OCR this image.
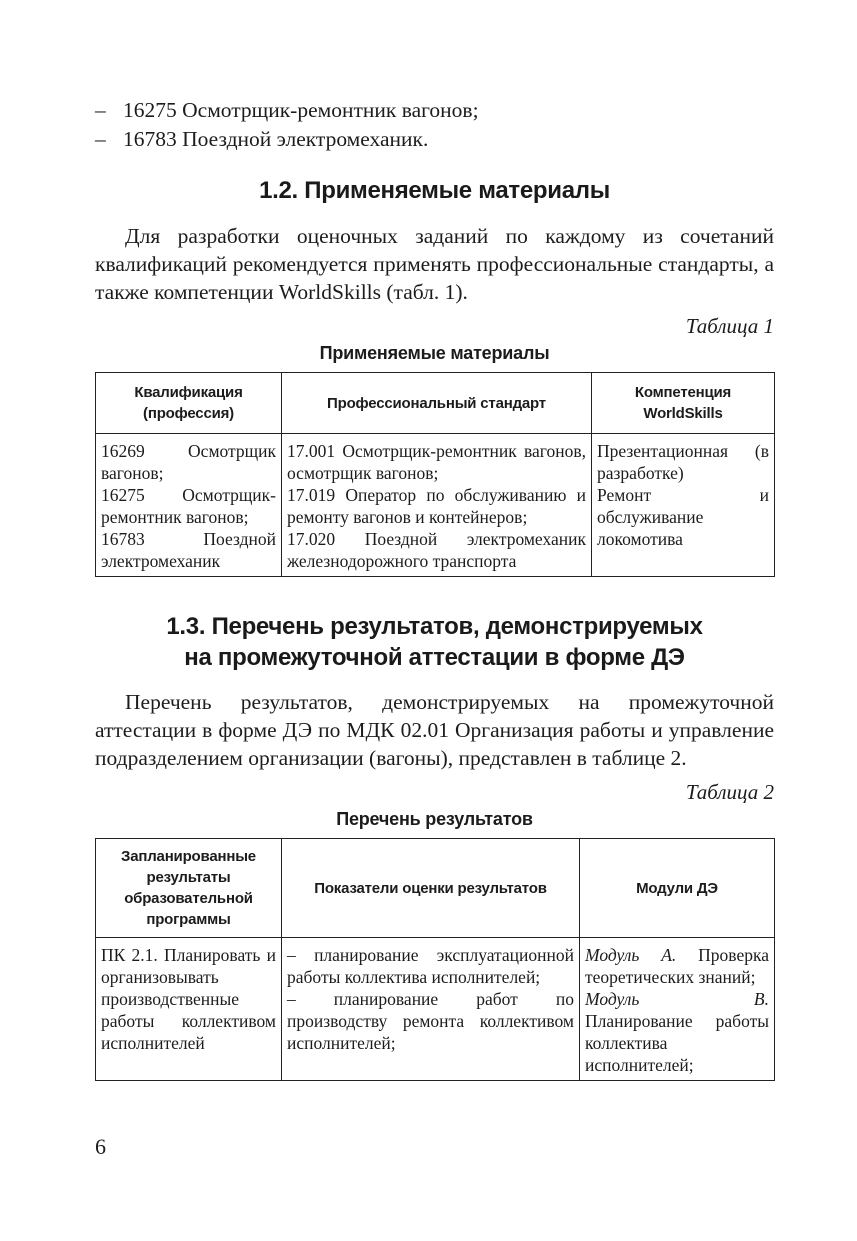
– 16275 Осмотрщик-ремонтник вагонов;
– 16783 Поездной электромеханик.
1.2. Применяемые материалы

Для разработки оценочных заданий по каждому из сочетаний квалификаций рекомендуется применять профессиональные стандарты, а также компетенции WorldSkills (табл. 1).

Таблица 1
Применяемые материалы
Квалификация (профессия)	Профессиональный стандарт	Компетенция WorldSkills

16269 Осмотрщик вагонов;
16275 Осмотрщик-ремонтник вагонов;
16783 Поездной электромеханик	17.001 Осмотрщик-ремонтник вагонов, осмотрщик вагонов;
17.019 Оператор по обслуживанию и ремонту вагонов и контейнеров;
17.020 Поездной электромеханик железнодорожного транспорта	Презентационная (в разработке)
Ремонт и обслуживание локомотива
1.3. Перечень результатов, демонстрируемых
на промежуточной аттестации в форме ДЭ

Перечень результатов, демонстрируемых на промежуточной аттестации в форме ДЭ по МДК 02.01 Организация работы и управление подразделением организации (вагоны), представлен в таблице 2.

Таблица 2
Перечень результатов
Запланированные результаты образовательной программы	Показатели оценки результатов	Модули ДЭ
ПК 2.1. Планировать и организовывать производственные работы коллективом исполнителей	– планирование эксплуатационной работы коллектива исполнителей;
– планирование работ по производству ремонта коллективом исполнителей;	Модуль А. Проверка теоретических знаний;
Модуль В. Планирование работы коллектива исполнителей;
6
